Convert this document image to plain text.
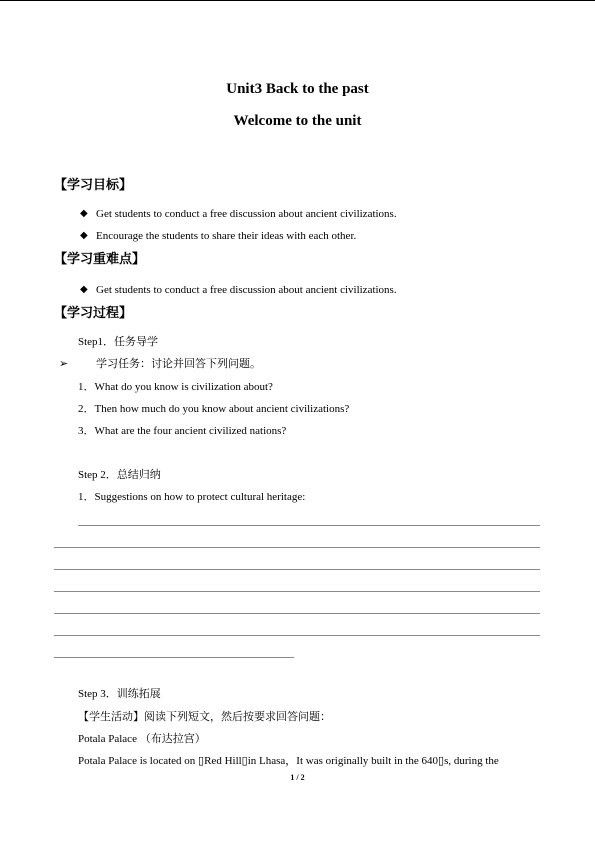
Unit3 Back to the past
Welcome to the unit
【学习目标】
◆ Get students to conduct a free discussion about ancient civilizations.
◆ Encourage the students to share their ideas with each other.
【学习重难点】
◆ Get students to conduct a free discussion about ancient civilizations.
【学习过程】
Step1．任务导学
➢	学习任务：讨论并回答下列问题。
1．What do you know is civilization about?
2．Then how much do you know about ancient civilizations?
3．What are the four ancient civilized nations?
Step 2．总结归纳
1．Suggestions on how to protect cultural heritage:
Step 3．训练拓展
【学生活动】阅读下列短文，然后按要求回答问题：
Potala Palace （布达拉宫）
Potala Palace is located on ▯Red Hill▯in Lhasa，It was originally built in the 640▯s, during the
1 / 2
